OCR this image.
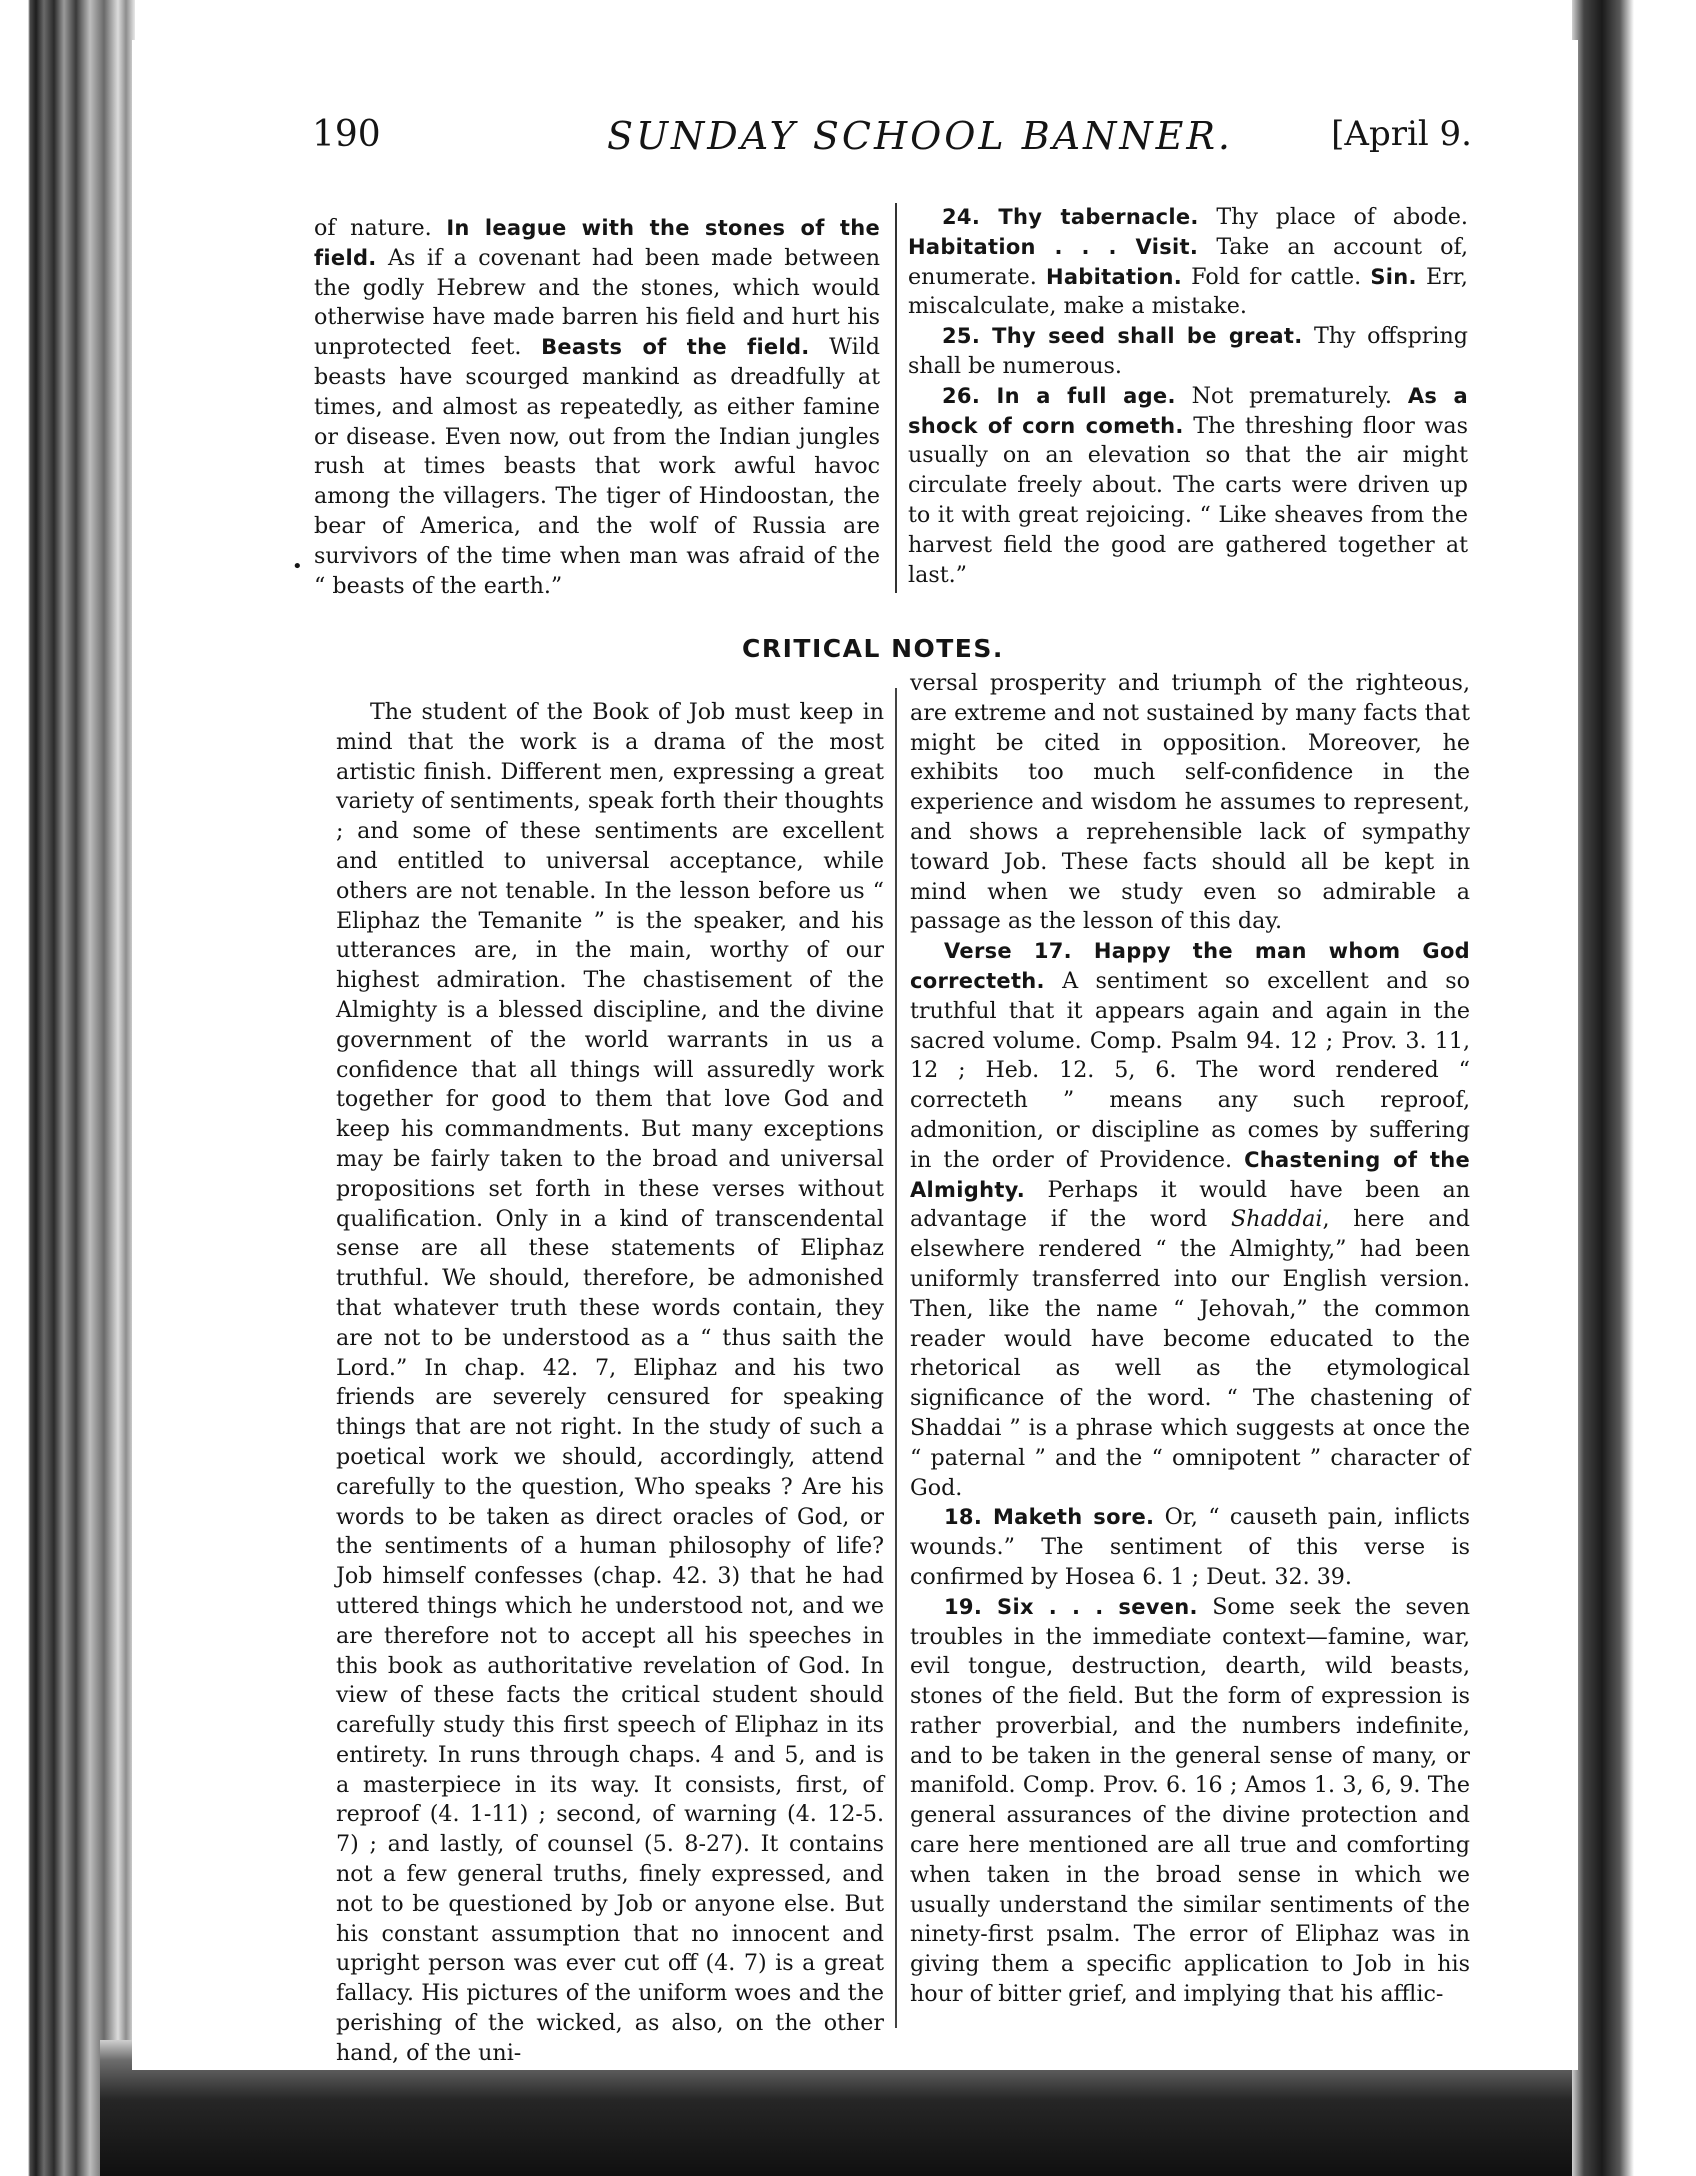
190	SUNDAY SCHOOL BANNER.	[April 9.

of nature. In league with the stones of the field. As if a covenant had been made between the godly Hebrew and the stones, which would otherwise have made barren his field and hurt his unprotected feet. Beasts of the field. Wild beasts have scourged mankind as dreadfully at times, and almost as repeatedly, as either famine or disease. Even now, out from the Indian jungles rush at times beasts that work awful havoc among the villagers. The tiger of Hindoostan, the bear of America, and the wolf of Russia are survivors of the time when man was afraid of the “ beasts of the earth.”

•

24. Thy tabernacle. Thy place of abode. Habitation . . . Visit. Take an account of, enumerate. Habitation. Fold for cattle. Sin. Err, miscalculate, make a mistake.

25. Thy seed shall be great. Thy offspring shall be numerous.

26. In a full age. Not prematurely. As a shock of corn cometh. The threshing floor was usually on an elevation so that the air might circulate freely about. The carts were driven up to it with great rejoicing. “ Like sheaves from the harvest field the good are gathered together at last.”

CRITICAL NOTES.

The student of the Book of Job must keep in mind that the work is a drama of the most artistic finish. Different men, expressing a great variety of sentiments, speak forth their thoughts ; and some of these sentiments are excellent and entitled to universal acceptance, while others are not tenable. In the lesson before us “ Eliphaz the Temanite ” is the speaker, and his utterances are, in the main, worthy of our highest admiration. The chastisement of the Almighty is a blessed discipline, and the divine government of the world warrants in us a confidence that all things will assuredly work together for good to them that love God and keep his commandments. But many exceptions may be fairly taken to the broad and universal propositions set forth in these verses without qualification. Only in a kind of transcendental sense are all these statements of Eliphaz truthful. We should, therefore, be admonished that whatever truth these words contain, they are not to be understood as a “ thus saith the Lord.” In chap. 42. 7, Eliphaz and his two friends are severely censured for speaking things that are not right. In the study of such a poetical work we should, accordingly, attend carefully to the question, Who speaks ? Are his words to be taken as direct oracles of God, or the sentiments of a human philosophy of life? Job himself confesses (chap. 42. 3) that he had uttered things which he understood not, and we are therefore not to accept all his speeches in this book as authoritative revelation of God. In view of these facts the critical student should carefully study this first speech of Eliphaz in its entirety. In runs through chaps. 4 and 5, and is a masterpiece in its way. It consists, first, of reproof (4. 1-11) ; second, of warning (4. 12-5. 7) ; and lastly, of counsel (5. 8-27). It contains not a few general truths, finely expressed, and not to be questioned by Job or anyone else. But his constant assumption that no innocent and upright person was ever cut off (4. 7) is a great fallacy. His pictures of the uniform woes and the perishing of the wicked, as also, on the other hand, of the uni-

versal prosperity and triumph of the righteous, are extreme and not sustained by many facts that might be cited in opposition. Moreover, he exhibits too much self-confidence in the experience and wisdom he assumes to represent, and shows a reprehensible lack of sympathy toward Job. These facts should all be kept in mind when we study even so admirable a passage as the lesson of this day.

Verse 17. Happy the man whom God correcteth. A sentiment so excellent and so truthful that it appears again and again in the sacred volume. Comp. Psalm 94. 12 ; Prov. 3. 11, 12 ; Heb. 12. 5, 6. The word rendered “ correcteth ” means any such reproof, admonition, or discipline as comes by suffering in the order of Providence. Chastening of the Almighty. Perhaps it would have been an advantage if the word Shaddai, here and elsewhere rendered “ the Almighty,” had been uniformly transferred into our English version. Then, like the name “ Jehovah,” the common reader would have become educated to the rhetorical as well as the etymological significance of the word. “ The chastening of Shaddai ” is a phrase which suggests at once the “ paternal ” and the “ omnipotent ” character of God.

18. Maketh sore. Or, “ causeth pain, inflicts wounds.” The sentiment of this verse is confirmed by Hosea 6. 1 ; Deut. 32. 39.

19. Six . . . seven. Some seek the seven troubles in the immediate context—famine, war, evil tongue, destruction, dearth, wild beasts, stones of the field. But the form of expression is rather proverbial, and the numbers indefinite, and to be taken in the general sense of many, or manifold. Comp. Prov. 6. 16 ; Amos 1. 3, 6, 9. The general assurances of the divine protection and care here mentioned are all true and comforting when taken in the broad sense in which we usually understand the similar sentiments of the ninety-first psalm. The error of Eliphaz was in giving them a specific application to Job in his hour of bitter grief, and implying that his afflic-
